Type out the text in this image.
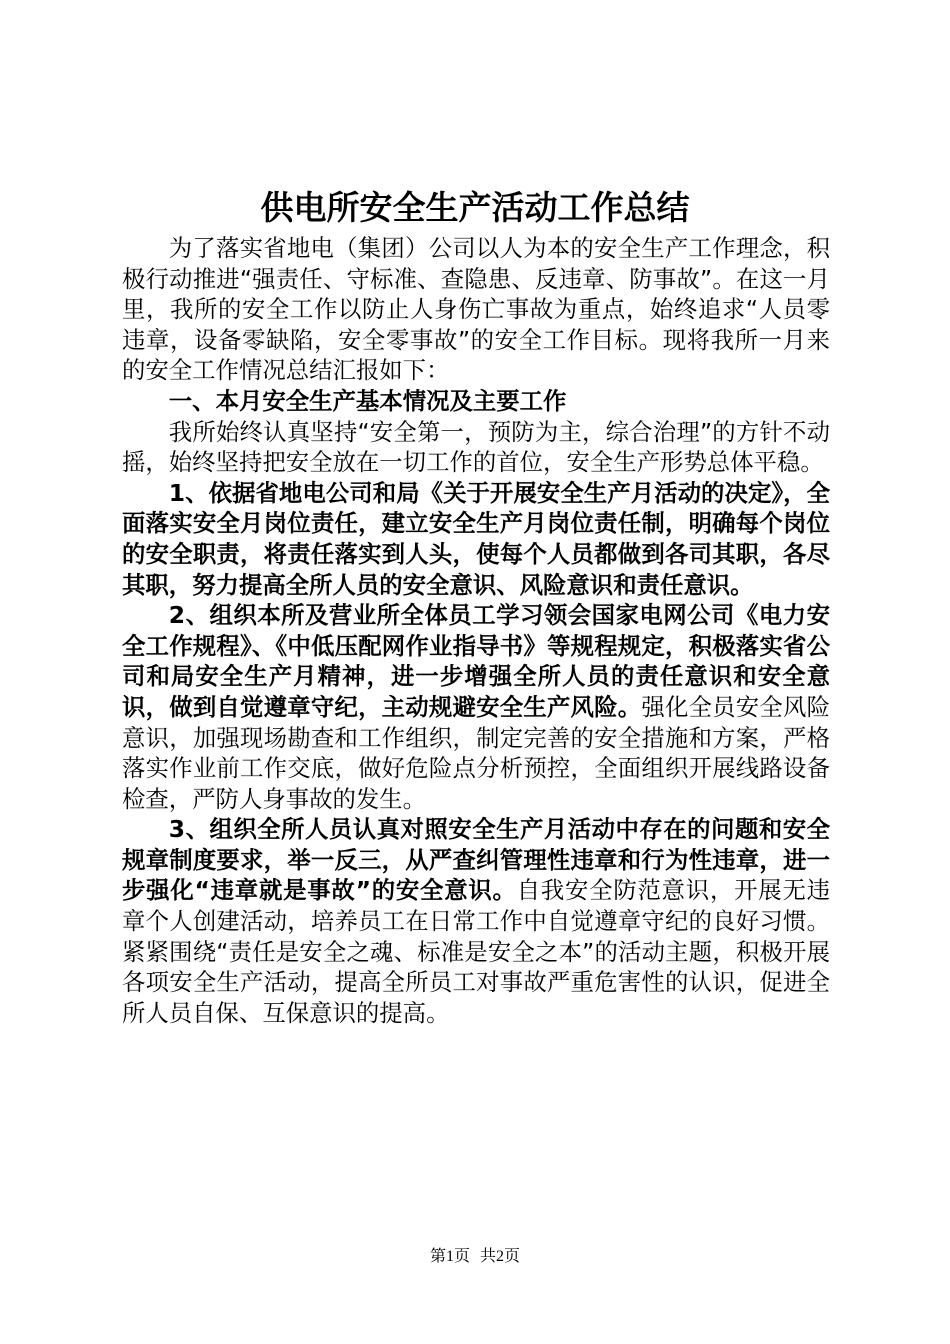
供电所安全生产活动工作总结

为了落实省地电（集团）公司以人为本的安全生产工作理念，积极行动推进“强责任、守标准、查隐患、反违章、防事故”。在这一月里，我所的安全工作以防止人身伤亡事故为重点，始终追求“人员零违章，设备零缺陷，安全零事故”的安全工作目标。现将我所一月来的安全工作情况总结汇报如下：

一、本月安全生产基本情况及主要工作

我所始终认真坚持“安全第一，预防为主，综合治理”的方针不动摇，始终坚持把安全放在一切工作的首位，安全生产形势总体平稳。

1、依据省地电公司和局《关于开展安全生产月活动的决定》，全面落实安全月岗位责任，建立安全生产月岗位责任制，明确每个岗位的安全职责，将责任落实到人头，使每个人员都做到各司其职，各尽其职，努力提高全所人员的安全意识、风险意识和责任意识。

2、组织本所及营业所全体员工学习领会国家电网公司《电力安全工作规程》、《中低压配网作业指导书》等规程规定，积极落实省公司和局安全生产月精神，进一步增强全所人员的责任意识和安全意识，做到自觉遵章守纪，主动规避安全生产风险。强化全员安全风险意识，加强现场勘查和工作组织，制定完善的安全措施和方案，严格落实作业前工作交底，做好危险点分析预控，全面组织开展线路设备检查，严防人身事故的发生。

3、组织全所人员认真对照安全生产月活动中存在的问题和安全规章制度要求，举一反三，从严查纠管理性违章和行为性违章，进一步强化“违章就是事故”的安全意识。自我安全防范意识，开展无违章个人创建活动，培养员工在日常工作中自觉遵章守纪的良好习惯。紧紧围绕“责任是安全之魂、标准是安全之本”的活动主题，积极开展各项安全生产活动，提高全所员工对事故严重危害性的认识，促进全所人员自保、互保意识的提高。

第1页 共2页
